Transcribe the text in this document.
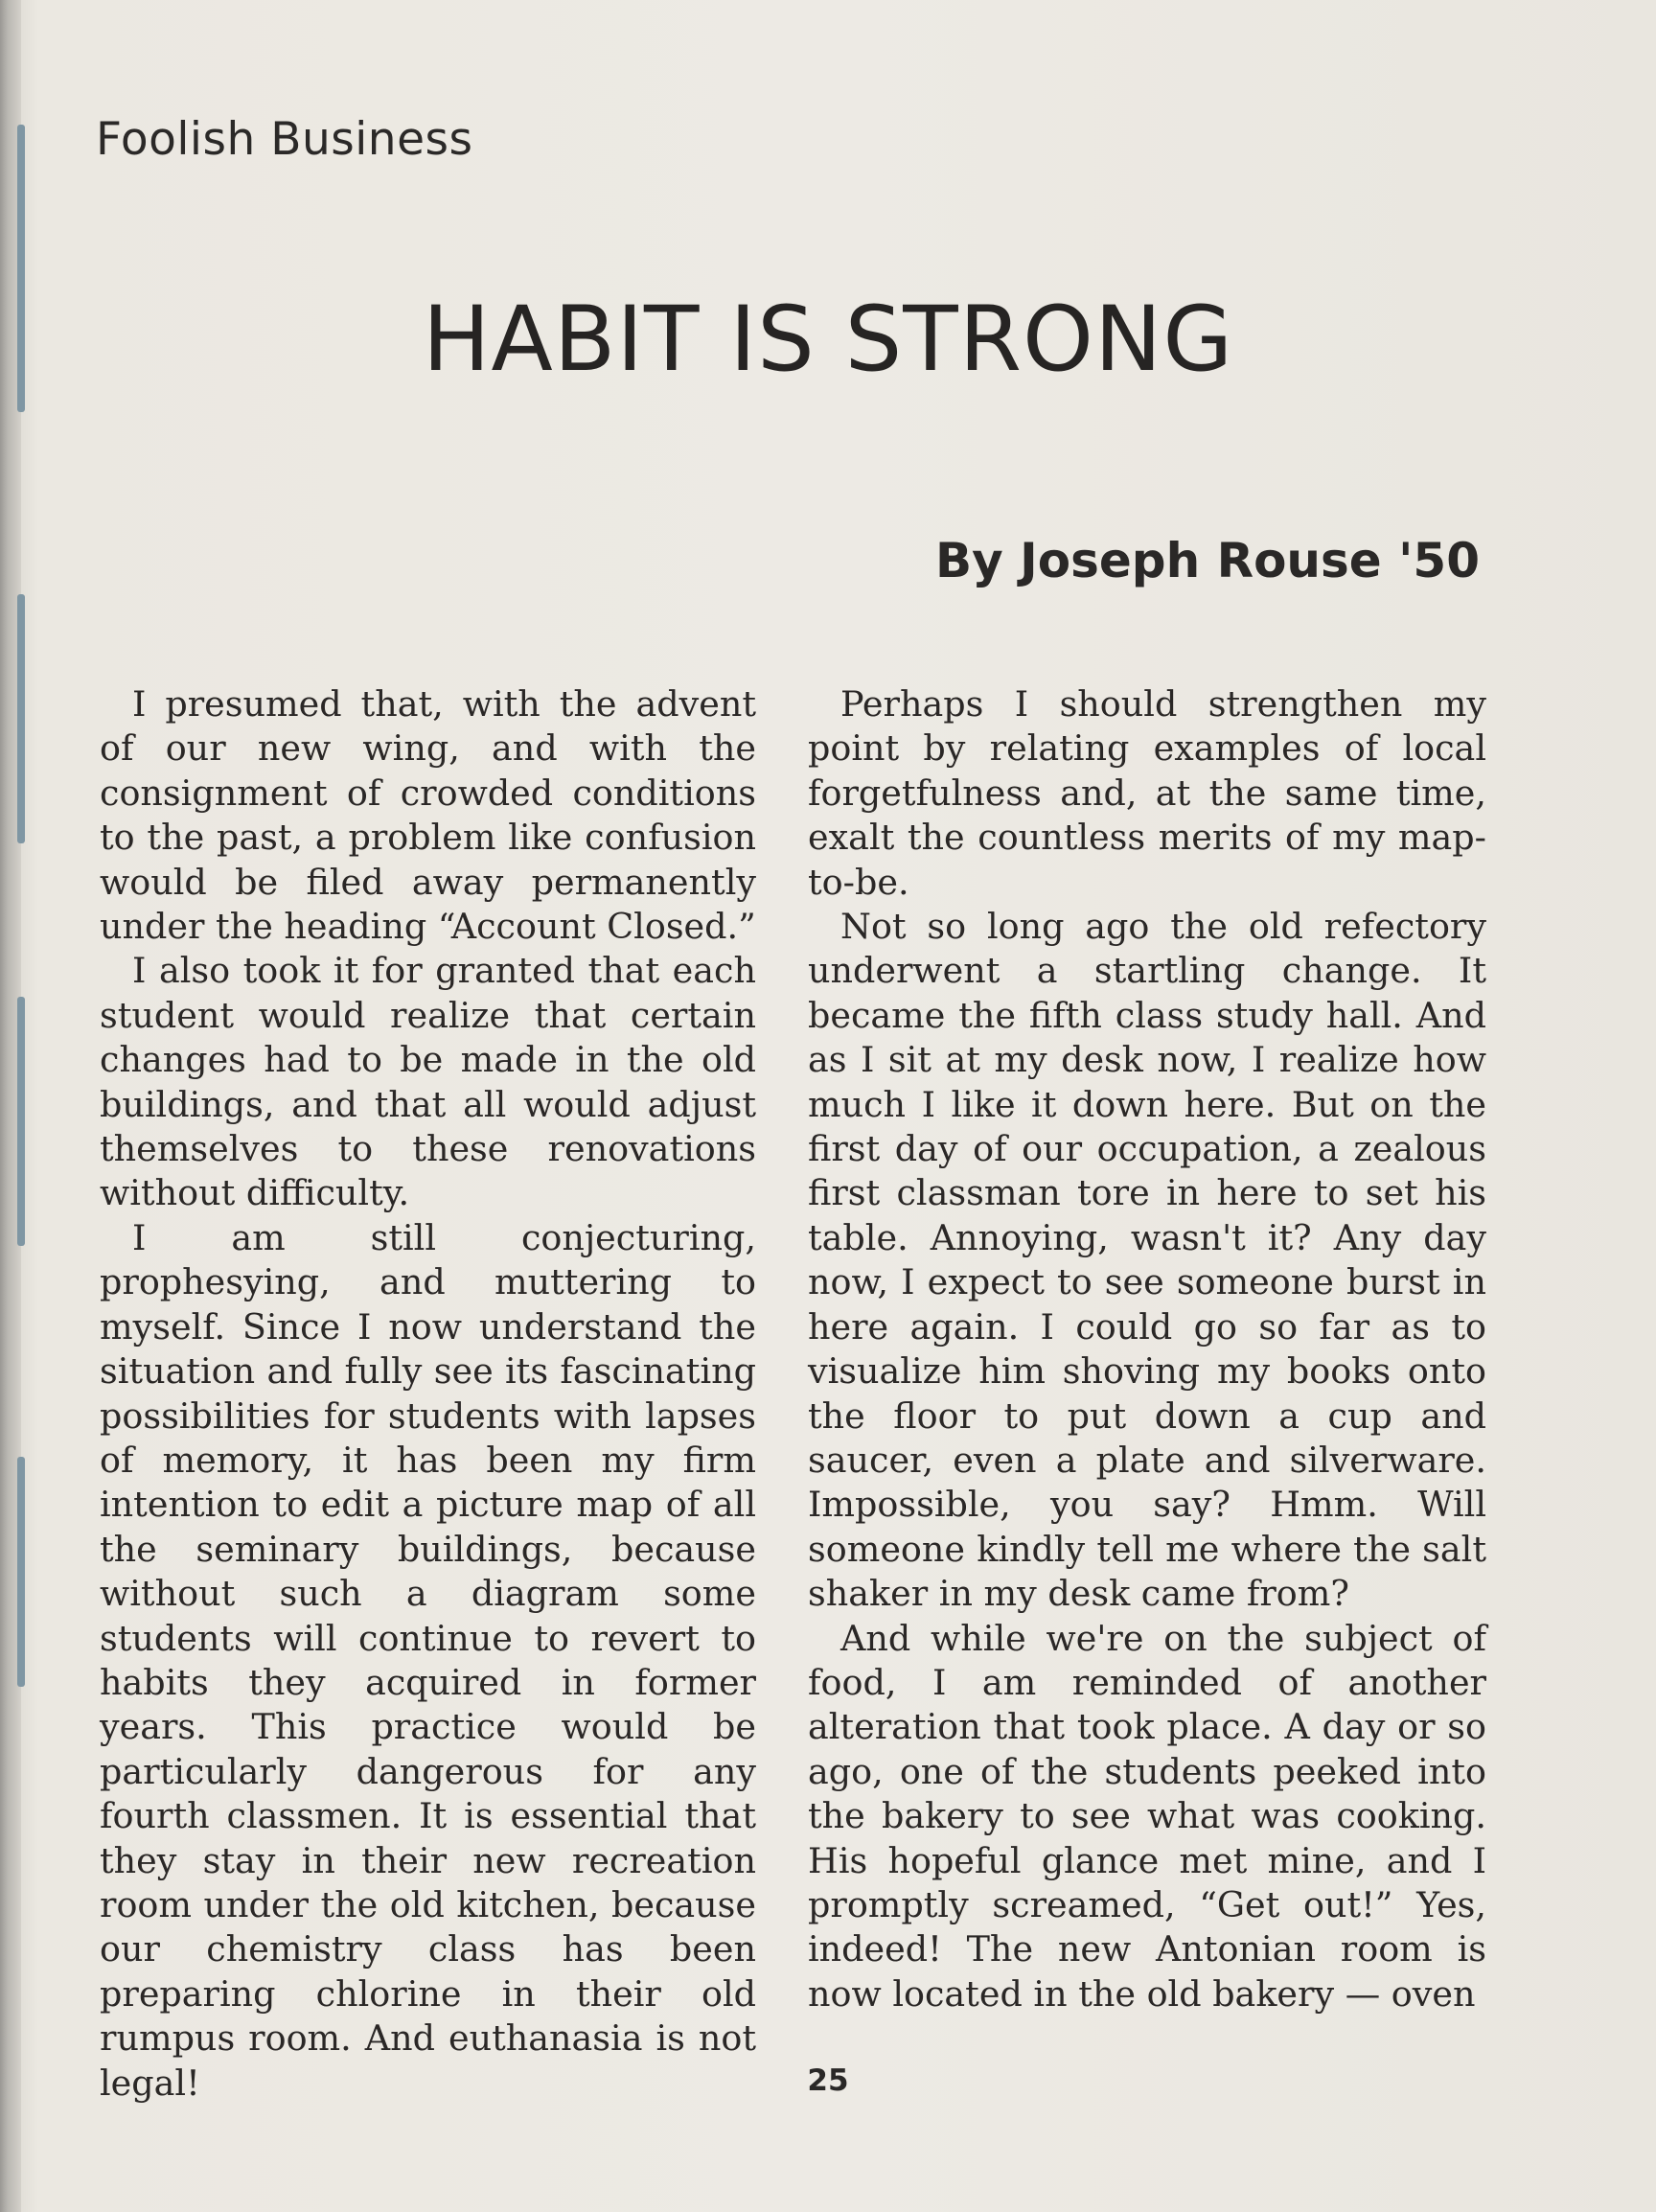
Foolish Business
HABIT IS STRONG
By Joseph Rouse '50

I presumed that, with the advent of our new wing, and with the consignment of crowded conditions to the past, a problem like confusion would be filed away permanently under the heading “Account Closed.”

I also took it for granted that each student would realize that certain changes had to be made in the old buildings, and that all would adjust themselves to these renovations without difficulty.

I am still conjecturing, prophesying, and muttering to myself. Since I now understand the situation and fully see its fascinating possibilities for students with lapses of memory, it has been my firm intention to edit a picture map of all the seminary buildings, because without such a diagram some students will continue to revert to habits they acquired in former years. This practice would be particularly dangerous for any fourth classmen. It is essential that they stay in their new recreation room under the old kitchen, because our chemistry class has been preparing chlorine in their old rumpus room. And euthanasia is not legal!

Perhaps I should strengthen my point by relating examples of local forgetfulness and, at the same time, exalt the countless merits of my map-to-be.

Not so long ago the old refectory underwent a startling change. It became the fifth class study hall. And as I sit at my desk now, I realize how much I like it down here. But on the first day of our occupation, a zealous first classman tore in here to set his table. Annoying, wasn't it? Any day now, I expect to see someone burst in here again. I could go so far as to visualize him shoving my books onto the floor to put down a cup and saucer, even a plate and silverware. Impossible, you say? Hmm. Will someone kindly tell me where the salt shaker in my desk came from?

And while we're on the subject of food, I am reminded of another alteration that took place. A day or so ago, one of the students peeked into the bakery to see what was cooking. His hopeful glance met mine, and I promptly screamed, “Get out!” Yes, indeed! The new Antonian room is now located in the old bakery — oven

25
